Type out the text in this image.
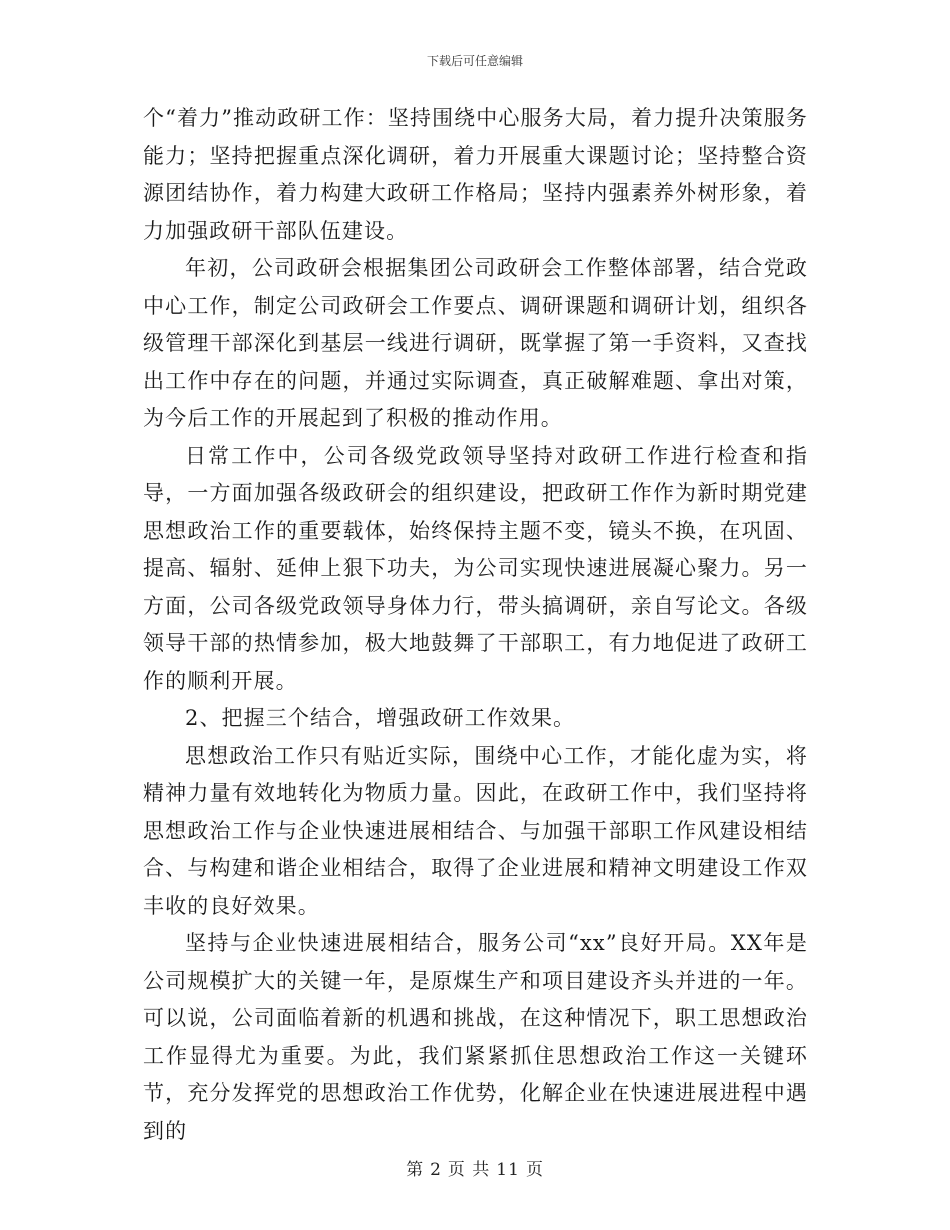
下载后可任意编辑

个“着力”推动政研工作：坚持围绕中心服务大局，着力提升决策服务能力；坚持把握重点深化调研，着力开展重大课题讨论；坚持整合资源团结协作，着力构建大政研工作格局；坚持内强素养外树形象，着力加强政研干部队伍建设。

年初，公司政研会根据集团公司政研会工作整体部署，结合党政中心工作，制定公司政研会工作要点、调研课题和调研计划，组织各级管理干部深化到基层一线进行调研，既掌握了第一手资料，又查找出工作中存在的问题，并通过实际调查，真正破解难题、拿出对策，为今后工作的开展起到了积极的推动作用。

日常工作中，公司各级党政领导坚持对政研工作进行检查和指导，一方面加强各级政研会的组织建设，把政研工作作为新时期党建思想政治工作的重要载体，始终保持主题不变，镜头不换，在巩固、提高、辐射、延伸上狠下功夫，为公司实现快速进展凝心聚力。另一方面，公司各级党政领导身体力行，带头搞调研，亲自写论文。各级领导干部的热情参加，极大地鼓舞了干部职工，有力地促进了政研工作的顺利开展。

2、把握三个结合，增强政研工作效果。

思想政治工作只有贴近实际，围绕中心工作，才能化虚为实，将精神力量有效地转化为物质力量。因此，在政研工作中，我们坚持将思想政治工作与企业快速进展相结合、与加强干部职工作风建设相结合、与构建和谐企业相结合，取得了企业进展和精神文明建设工作双丰收的良好效果。

坚持与企业快速进展相结合，服务公司“xx”良好开局。XX年是公司规模扩大的关键一年，是原煤生产和项目建设齐头并进的一年。可以说，公司面临着新的机遇和挑战，在这种情况下，职工思想政治工作显得尤为重要。为此，我们紧紧抓住思想政治工作这一关键环节，充分发挥党的思想政治工作优势，化解企业在快速进展进程中遇到的

第 2 页 共 11 页
